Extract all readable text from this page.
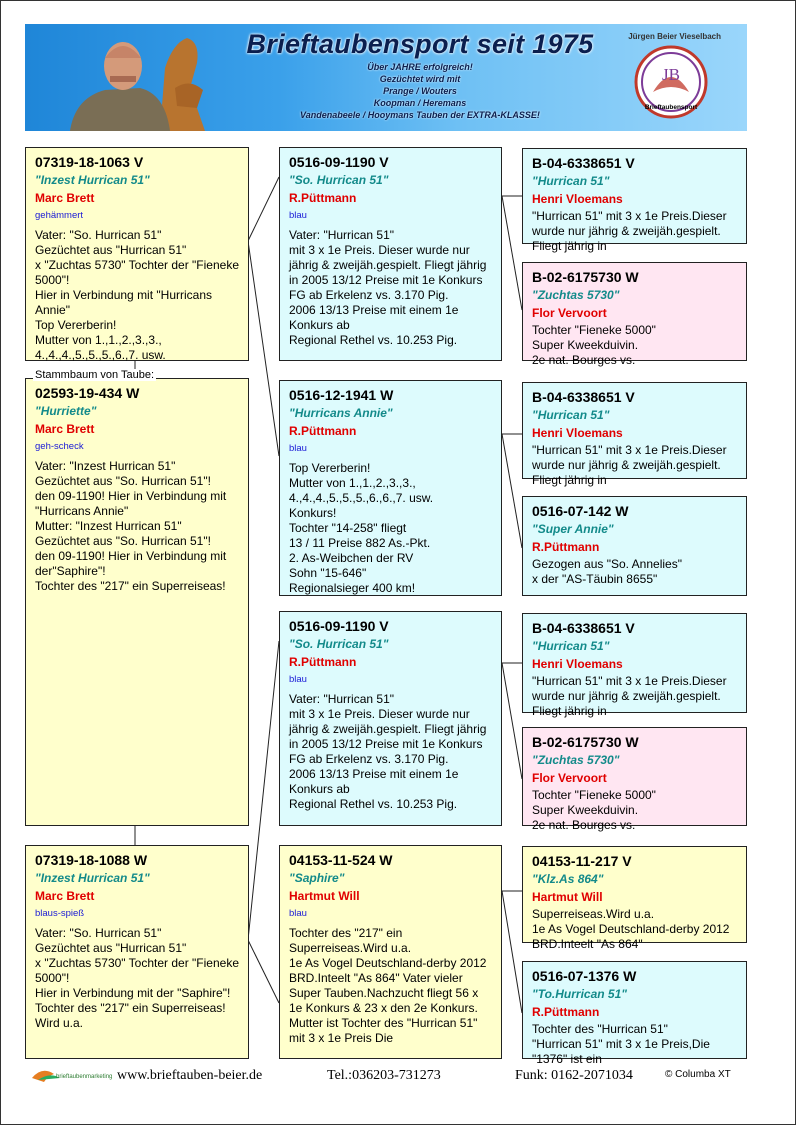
Brieftaubensport seit 1975
Über JAHRE erfolgreich!
Gezüchtet wird mit
Prange / Wouters
Koopman / Heremans
Vandenabeele / Hooymans Tauben der EXTRA-KLASSE!
Jürgen Beier Vieselbach
JB
Brieftaubensport
07319-18-1063 V
"Inzest Hurrican 51"
Marc Brett
gehämmert
Vater: "So. Hurrican 51"
Gezüchtet aus "Hurrican 51"
x "Zuchtas 5730" Tochter der "Fieneke 5000"!
Hier in Verbindung mit "Hurricans Annie"
Top Vererberin!
Mutter von 1.,1.,2.,3.,3.,
4.,4.,4.,5.,5.,5.,6.,7. usw.
02593-19-434 W
"Hurriette"
Marc Brett
geh-scheck
Vater: "Inzest Hurrican 51"
Gezüchtet aus "So. Hurrican 51"!
den 09-1190! Hier in Verbindung mit "Hurricans Annie"
Mutter: "Inzest Hurrican 51"
Gezüchtet aus "So. Hurrican 51"!
den 09-1190! Hier in Verbindung mit der"Saphire"!
Tochter des "217" ein Superreiseas!
Stammbaum von Taube:
07319-18-1088 W
"Inzest Hurrican 51"
Marc Brett
blaus-spieß
Vater: "So. Hurrican 51"
Gezüchtet aus "Hurrican 51"
x "Zuchtas 5730" Tochter der "Fieneke 5000"!
Hier in Verbindung mit der "Saphire"!
Tochter des "217" ein Superreiseas!
Wird u.a.
0516-09-1190 V
"So. Hurrican 51"
R.Püttmann
blau
Vater: "Hurrican 51"
mit 3 x 1e Preis. Dieser wurde nur jährig & zweijäh.gespielt. Fliegt jährig in 2005 13/12 Preise mit 1e Konkurs FG ab Erkelenz vs. 3.170 Pig.
2006 13/13 Preise mit einem 1e Konkurs ab
Regional Rethel vs. 10.253 Pig.
0516-12-1941 W
"Hurricans Annie"
R.Püttmann
blau
Top Vererberin!
Mutter von 1.,1.,2.,3.,3.,
4.,4.,4.,5.,5.,5.,6.,6.,7. usw.
Konkurs!
Tochter "14-258" fliegt
13 / 11 Preise 882 As.-Pkt.
2. As-Weibchen der RV
Sohn "15-646"
Regionalsieger 400 km!
0516-09-1190 V
"So. Hurrican 51"
R.Püttmann
blau
Vater: "Hurrican 51"
mit 3 x 1e Preis. Dieser wurde nur jährig & zweijäh.gespielt. Fliegt jährig in 2005 13/12 Preise mit 1e Konkurs FG ab Erkelenz vs. 3.170 Pig.
2006 13/13 Preise mit einem 1e Konkurs ab
Regional Rethel vs. 10.253 Pig.
04153-11-524 W
"Saphire"
Hartmut Will
blau
Tochter des "217" ein Superreiseas.Wird u.a.
1e As Vogel Deutschland-derby 2012 BRD.Inteelt "As 864" Vater vieler Super Tauben.Nachzucht fliegt 56 x 1e Konkurs & 23 x den 2e Konkurs. Mutter ist Tochter des "Hurrican 51" mit 3 x 1e Preis Die
B-04-6338651 V
"Hurrican 51"
Henri Vloemans
"Hurrican 51" mit 3 x 1e Preis.Dieser wurde nur jährig & zweijäh.gespielt. Fliegt jährig in
B-02-6175730 W
"Zuchtas 5730"
Flor Vervoort
Tochter "Fieneke 5000"
Super Kweekduivin.
2e nat. Bourges vs.
B-04-6338651 V
"Hurrican 51"
Henri Vloemans
"Hurrican 51" mit 3 x 1e Preis.Dieser wurde nur jährig & zweijäh.gespielt. Fliegt jährig in
0516-07-142 W
"Super Annie"
R.Püttmann
Gezogen aus "So. Annelies"
x der "AS-Täubin 8655"
B-04-6338651 V
"Hurrican 51"
Henri Vloemans
"Hurrican 51" mit 3 x 1e Preis.Dieser wurde nur jährig & zweijäh.gespielt. Fliegt jährig in
B-02-6175730 W
"Zuchtas 5730"
Flor Vervoort
Tochter "Fieneke 5000"
Super Kweekduivin.
2e nat. Bourges vs.
04153-11-217 V
"Klz.As 864"
Hartmut Will
Superreiseas.Wird u.a.
1e As Vogel Deutschland-derby 2012 BRD.Inteelt "As 864"
0516-07-1376 W
"To.Hurrican 51"
R.Püttmann
Tochter des "Hurrican 51"
"Hurrican 51" mit 3 x 1e Preis,Die "1376" ist ein
brieftaubenmarketing www.brieftauben-beier.de	Tel.:036203-731273	Funk: 0162-2071034	© Columba XT
